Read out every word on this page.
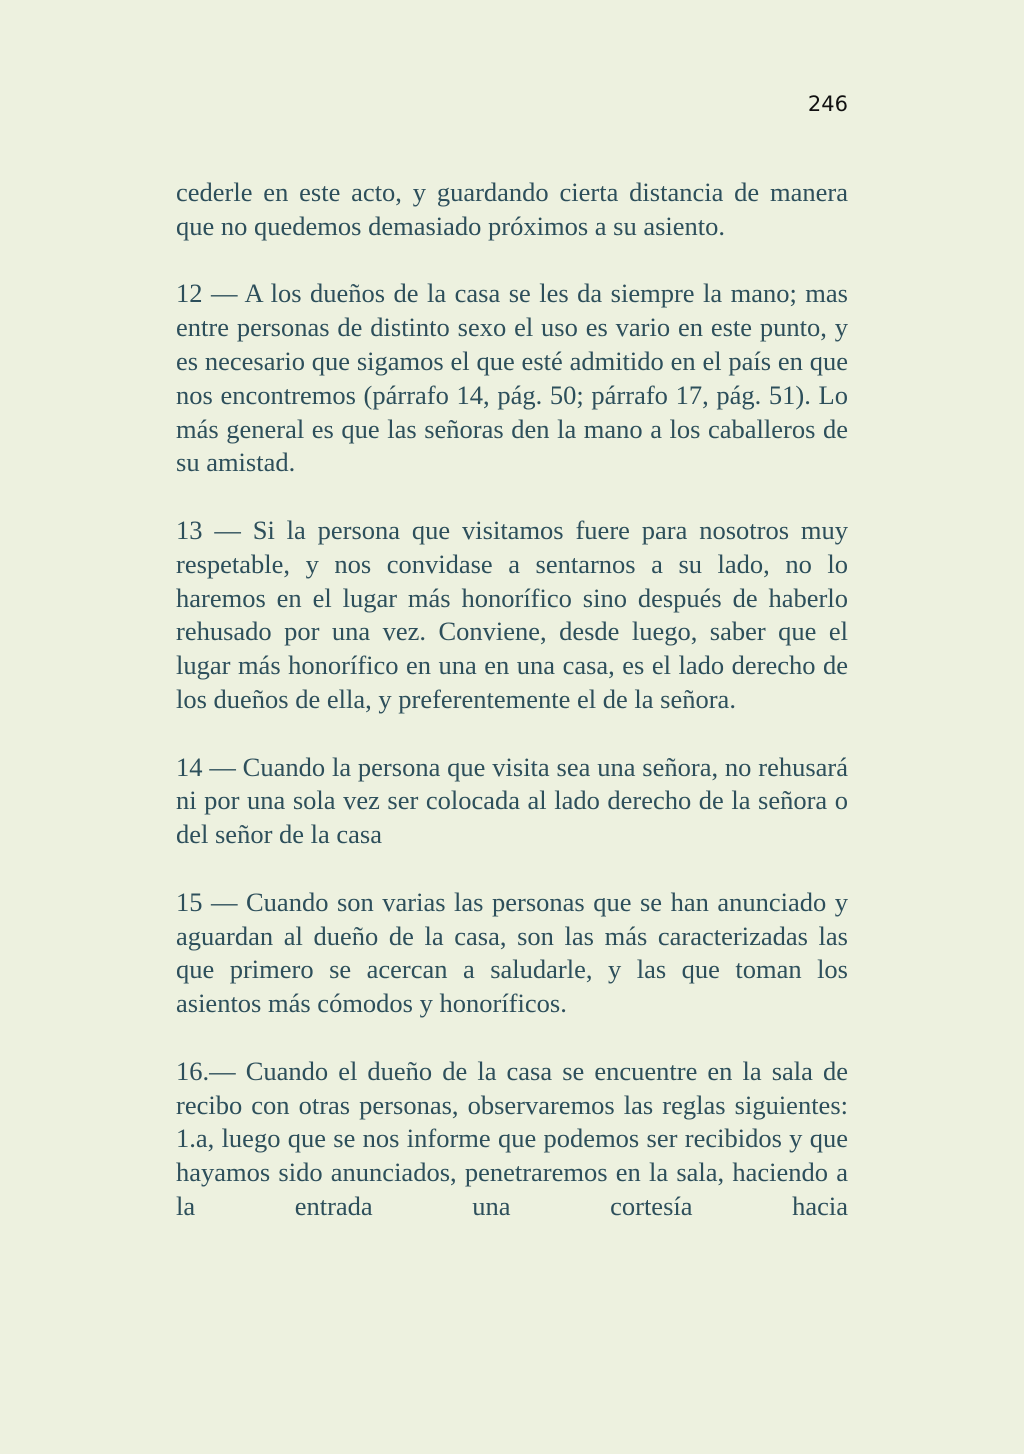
246

cederle en este acto, y guardando cierta distancia de manera que no quedemos demasiado próximos a su asiento.

12 — A los dueños de la casa se les da siempre la mano; mas entre personas de distinto sexo el uso es vario en este punto, y es necesario que sigamos el que esté admitido en el país en que nos encontremos (párrafo 14, pág. 50; párrafo 17, pág. 51). Lo más general es que las señoras den la mano a los caballeros de su amistad.

13 — Si la persona que visitamos fuere para nosotros muy respetable, y nos convidase a sentarnos a su lado, no lo haremos en el lugar más honorífico sino después de haberlo rehusado por una vez. Conviene, desde luego, saber que el lugar más honorífico en una en una casa, es el lado derecho de los dueños de ella, y preferentemente el de la señora.

14 — Cuando la persona que visita sea una señora, no rehusará ni por una sola vez ser colocada al lado derecho de la señora o del señor de la casa

15 — Cuando son varias las personas que se han anunciado y aguardan al dueño de la casa, son las más caracterizadas las que primero se acercan a saludarle, y las que toman los asientos más cómodos y honoríficos.

16.— Cuando el dueño de la casa se encuentre en la sala de recibo con otras personas, observaremos las reglas siguientes: 1.a, luego que se nos informe que podemos ser recibidos y que hayamos sido anunciados, penetraremos en la sala, haciendo a la entrada una cortesía hacia
